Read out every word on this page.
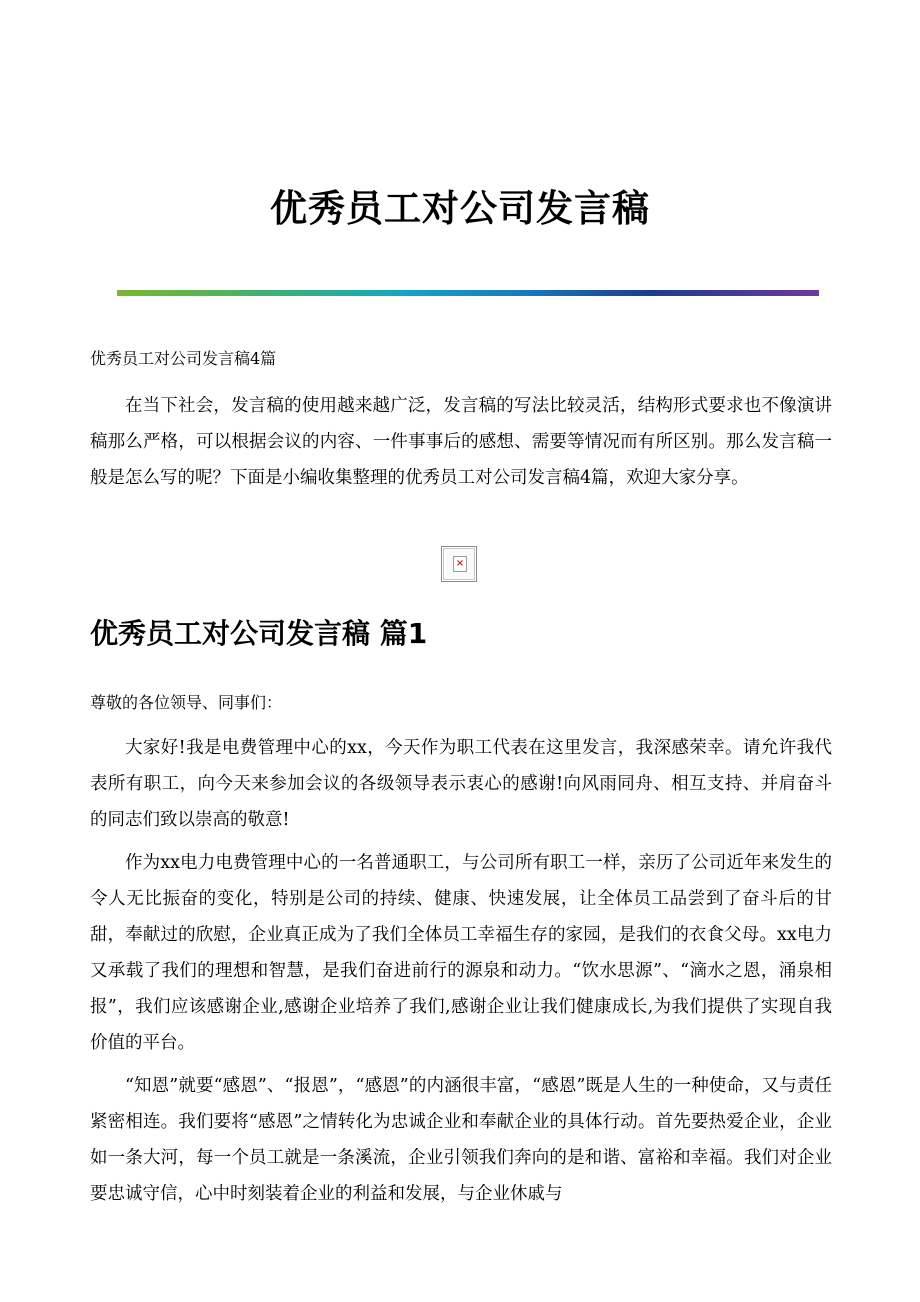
优秀员工对公司发言稿

优秀员工对公司发言稿4篇

在当下社会，发言稿的使用越来越广泛，发言稿的写法比较灵活，结构形式要求也不像演讲稿那么严格，可以根据会议的内容、一件事事后的感想、需要等情况而有所区别。那么发言稿一般是怎么写的呢？下面是小编收集整理的优秀员工对公司发言稿4篇，欢迎大家分享。

×
优秀员工对公司发言稿 篇1

尊敬的各位领导、同事们：

大家好!我是电费管理中心的xx，今天作为职工代表在这里发言，我深感荣幸。请允许我代表所有职工，向今天来参加会议的各级领导表示衷心的感谢!向风雨同舟、相互支持、并肩奋斗的同志们致以崇高的敬意!

作为xx电力电费管理中心的一名普通职工，与公司所有职工一样，亲历了公司近年来发生的令人无比振奋的变化，特别是公司的持续、健康、快速发展，让全体员工品尝到了奋斗后的甘甜，奉献过的欣慰，企业真正成为了我们全体员工幸福生存的家园，是我们的衣食父母。xx电力又承载了我们的理想和智慧，是我们奋进前行的源泉和动力。“饮水思源”、“滴水之恩，涌泉相报”，我们应该感谢企业,感谢企业培养了我们,感谢企业让我们健康成长,为我们提供了实现自我价值的平台。

“知恩”就要“感恩”、“报恩”，“感恩”的内涵很丰富，“感恩”既是人生的一种使命，又与责任紧密相连。我们要将“感恩”之情转化为忠诚企业和奉献企业的具体行动。首先要热爱企业，企业如一条大河，每一个员工就是一条溪流，企业引领我们奔向的是和谐、富裕和幸福。我们对企业要忠诚守信，心中时刻装着企业的利益和发展，与企业休戚与
